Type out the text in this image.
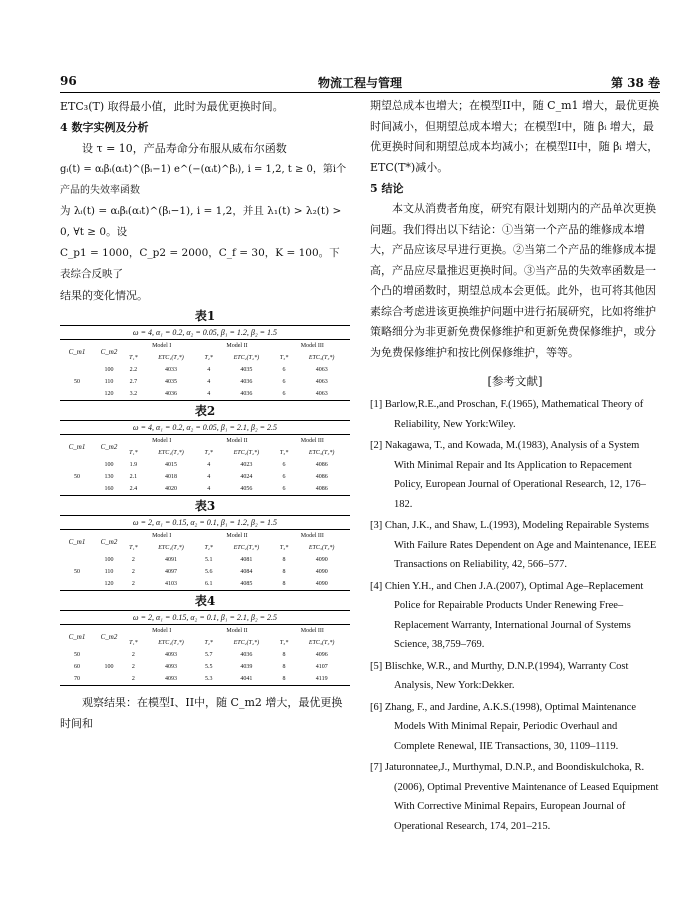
96	物流工程与管理	第 38 卷

ETC₃(T) 取得最小值，此时为最优更换时间。

4 数字实例及分析

设 τ = 10，产品寿命分布服从威布尔函数

gᵢ(t) = αᵢβᵢ(αᵢt)^(βᵢ−1) e^(−(αᵢt)^βᵢ), i = 1,2, t ≥ 0，第i个产品的失效率函数

为 λᵢ(t) = αᵢβᵢ(αᵢt)^(βᵢ−1), i = 1,2，并且 λ₁(t) > λ₂(t) > 0, ∀t ≥ 0。设

C_p1 = 1000，C_p2 = 2000，C_f = 30，K = 100。下表综合反映了

结果的变化情况。

表1
ω = 4, α₁ = 0.2, α₂ = 0.05, β₁ = 1.2, β₂ = 1.5							
C_m1	C_m2	Model I		Model II		Model III	
		T₁*	ETC₁(T₁*)	T₂*	ETC₂(T₂*)	T₃*	ETC₃(T₃*)
	100	2.2	4033	4	4035	6	4063
50	110	2.7	4035	4	4036	6	4063
	120	3.2	4036	4	4036	6	4063
表2
ω = 4, α₁ = 0.2, α₂ = 0.05, β₁ = 2.1, β₂ = 2.5							
C_m1	C_m2	Model I		Model II		Model III	
		T₁*	ETC₁(T₁*)	T₂*	ETC₂(T₂*)	T₃*	ETC₃(T₃*)
	100	1.9	4015	4	4023	6	4086
50	130	2.1	4018	4	4024	6	4086
	160	2.4	4020	4	4056	6	4086
表3
ω = 2, α₁ = 0.15, α₂ = 0.1, β₁ = 1.2, β₂ = 1.5							
C_m1	C_m2	Model I		Model II		Model III	
		T₁*	ETC₁(T₁*)	T₂*	ETC₂(T₂*)	T₃*	ETC₃(T₃*)
	100	2	4091	5.1	4081	8	4090
50	110	2	4097	5.6	4084	8	4090
	120	2	4103	6.1	4085	8	4090
表4
ω = 2, α₁ = 0.15, α₂ = 0.1, β₁ = 2.1, β₂ = 2.5							
C_m1	C_m2	Model I		Model II		Model III	
		T₁*	ETC₁(T₁*)	T₂*	ETC₂(T₂*)	T₃*	ETC₃(T₃*)
50		2	4093	5.7	4036	8	4096
60	100	2	4093	5.5	4039	8	4107
70		2	4093	5.3	4041	8	4119

观察结果：在模型I、II中，随 C_m2 增大，最优更换时间和

期望总成本也增大；在模型II中，随 C_m1 增大，最优更换时间减小，但期望总成本增大；在模型I中，随 βᵢ 增大，最优更换时间和期望总成本均减小；在模型II中，随 βᵢ 增大，ETC(T*)减小。

5 结论

本文从消费者角度，研究有限计划期内的产品单次更换问题。我们得出以下结论：①当第一个产品的维修成本增大，产品应该尽早进行更换。②当第二个产品的维修成本提高，产品应尽量推迟更换时间。③当产品的失效率函数是一个凸的增函数时，期望总成本会更低。此外，也可将其他因素综合考虑进该更换维护问题中进行拓展研究，比如将维护策略细分为非更新免费保修维护和更新免费保修维护，或分为免费保修维护和按比例保修维护，等等。

[参考文献]

[1] Barlow,R.E.,and Proschan, F.(1965), Mathematical Theory of Reliability, New York:Wiley.

[2] Nakagawa, T., and Kowada, M.(1983), Analysis of a System With Minimal Repair and Its Application to Repacement Policy, European Journal of Operational Research, 12, 176–182.

[3] Chan, J.K., and Shaw, L.(1993), Modeling Repairable Systems With Failure Rates Dependent on Age and Maintenance, IEEE Transactions on Reliability, 42, 566–577.

[4] Chien Y.H., and Chen J.A.(2007), Optimal Age–Replacement Police for Repairable Products Under Renewing Free–Replacement Warranty, International Journal of Systems Science, 38,759–769.

[5] Blischke, W.R., and Murthy, D.N.P.(1994), Warranty Cost Analysis, New York:Dekker.

[6] Zhang, F., and Jardine, A.K.S.(1998), Optimal Maintenance Models With Minimal Repair, Periodic Overhaul and Complete Renewal, IIE Transactions, 30, 1109–1119.

[7] Jaturonnatee,J., Murthymal, D.N.P., and Boondiskulchoka, R.(2006), Optimal Preventive Maintenance of Leased Equipment With Corrective Minimal Repairs, European Journal of Operational Research, 174, 201–215.
